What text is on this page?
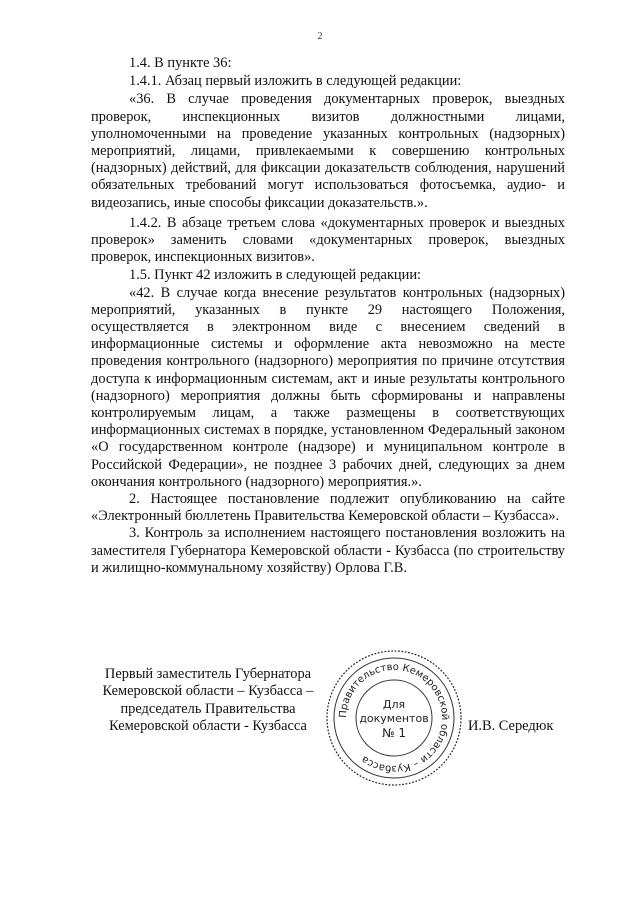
2

1.4. В пункте 36:

1.4.1. Абзац первый изложить в следующей редакции:

«36. В случае проведения документарных проверок, выездных проверок, инспекционных визитов должностными лицами, уполномоченными на проведение указанных контрольных (надзорных) мероприятий, лицами, привлекаемыми к совершению контрольных (надзорных) действий, для фиксации доказательств соблюдения, нарушений обязательных требований могут использоваться фотосъемка, аудио- и видеозапись, иные способы фиксации доказательств.».

1.4.2. В абзаце третьем слова «документарных проверок и выездных проверок» заменить словами «документарных проверок, выездных проверок, инспекционных визитов».

1.5. Пункт 42 изложить в следующей редакции:

«42. В случае когда внесение результатов контрольных (надзорных) мероприятий, указанных в пункте 29 настоящего Положения, осуществляется в электронном виде с внесением сведений в информационные системы и оформление акта невозможно на месте проведения контрольного (надзорного) мероприятия по причине отсутствия доступа к информационным системам, акт и иные результаты контрольного (надзорного) мероприятия должны быть сформированы и направлены контролируемым лицам, а также размещены в соответствующих информационных системах в порядке, установленном Федеральный законом «О государственном контроле (надзоре) и муниципальном контроле в Российской Федерации», не позднее 3 рабочих дней, следующих за днем окончания контрольного (надзорного) мероприятия.».

2. Настоящее постановление подлежит опубликованию на сайте «Электронный бюллетень Правительства Кемеровской области – Кузбасса».

3. Контроль за исполнением настоящего постановления возложить на заместителя Губернатора Кемеровской области - Кузбасса (по строительству и жилищно-коммунальному хозяйству) Орлова Г.В.

Первый заместитель Губернатора
Кемеровской области – Кузбасса –
председатель Правительства
Кемеровской области - Кузбасса
Правительство Кемеровской области – Кузбасса
Для
документов
№ 1	И.В. Середюк
